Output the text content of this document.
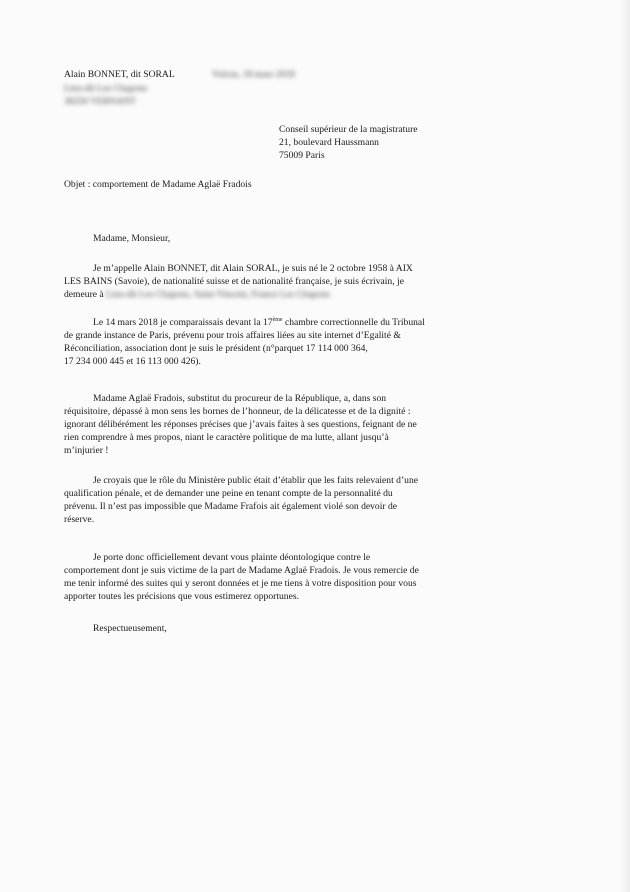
Alain BONNET, dit SORAL	Voiron, 18 mars 2018
Lieu-dit Les Chapons
38250 VERNANT
Conseil supérieur de la magistrature
21, boulevard Haussmann
75009 Paris
Objet : comportement de Madame Aglaë Fradois
Madame, Monsieur,
Je m’appelle Alain BONNET, dit Alain SORAL, je suis né le 2 octobre 1958 à AIX
LES BAINS (Savoie), de nationalité suisse et de nationalité française, je suis écrivain, je
demeure à Lieu-dit Les Chapons, Saint-Vincent, France Les Chapons
Le 14 mars 2018 je comparaissais devant la 17ème chambre correctionnelle du Tribunal
de grande instance de Paris, prévenu pour trois affaires liées au site internet d’Egalité &
Réconciliation, association dont je suis le président (n°parquet 17 114 000 364,
17 234 000 445 et 16 113 000 426).
Madame Aglaë Fradois, substitut du procureur de la République, a, dans son
réquisitoire, dépassé à mon sens les bornes de l’honneur, de la délicatesse et de la dignité :
ignorant délibérément les réponses précises que j’avais faites à ses questions, feignant de ne
rien comprendre à mes propos, niant le caractère politique de ma lutte, allant jusqu’à
m’injurier !
Je croyais que le rôle du Ministère public était d’établir que les faits relevaient d’une
qualification pénale, et de demander une peine en tenant compte de la personnalité du
prévenu. Il n’est pas impossible que Madame Frafois ait également violé son devoir de
réserve.
Je porte donc officiellement devant vous plainte déontologique contre le
comportement dont je suis victime de la part de Madame Aglaë Fradois. Je vous remercie de
me tenir informé des suites qui y seront données et je me tiens à votre disposition pour vous
apporter toutes les précisions que vous estimerez opportunes.
Respectueusement,
